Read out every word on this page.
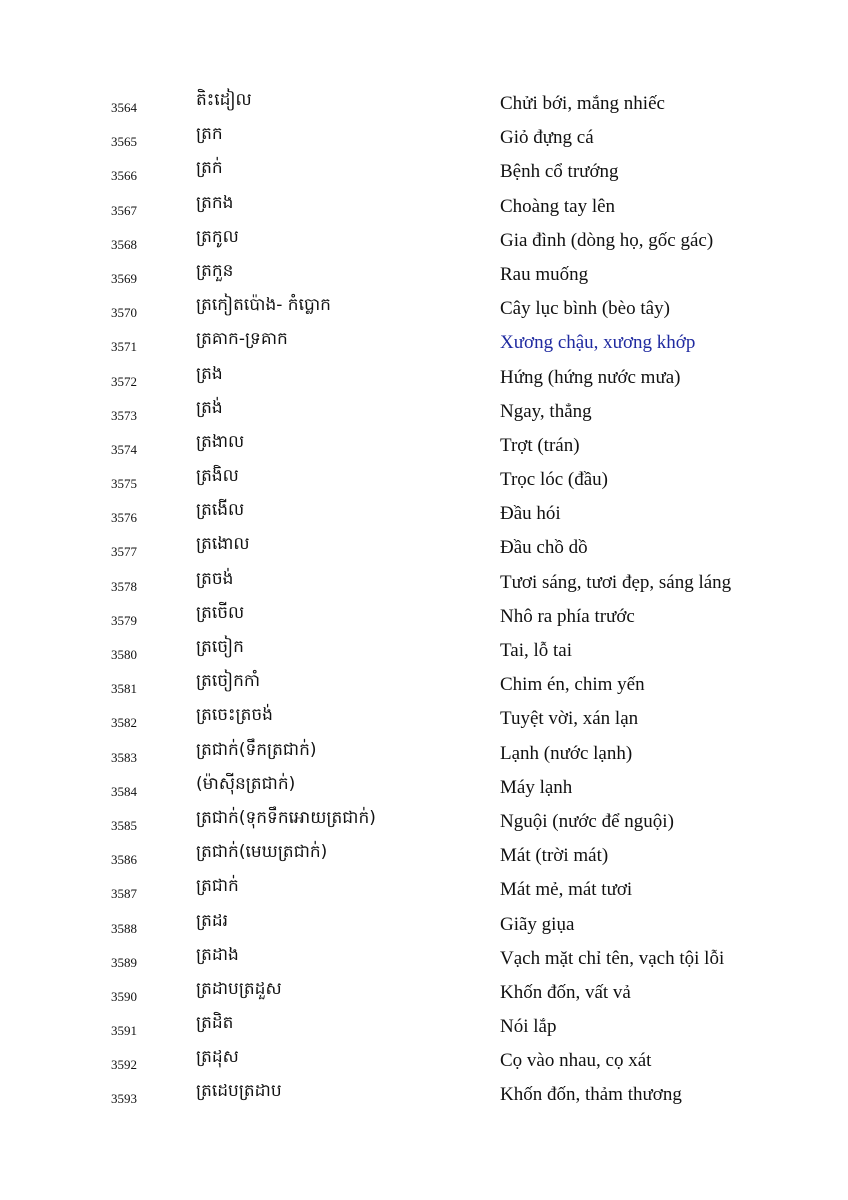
3564	តិះដៀល	Chửi bới, mắng nhiếc
3565	ត្រក	Giỏ đựng cá
3566	ត្រក់	Bệnh cổ trướng
3567	ត្រកង	Choàng tay lên
3568	ត្រកូល	Gia đình (dòng họ, gốc gác)
3569	ត្រកួន	Rau muống
3570	ត្រកៀតប៉ោង- កំប្លោក	Cây lục bình (bèo tây)
3571	ត្រគាក-ទ្រគាក	Xương chậu, xương khớp
3572	ត្រង	Hứng (hứng nước mưa)
3573	ត្រង់	Ngay, thẳng
3574	ត្រងាល	Trợt (trán)
3575	ត្រងិល	Trọc lóc (đầu)
3576	ត្រងើល	Đầu hói
3577	ត្រងោល	Đầu chồ dồ
3578	ត្រចង់	Tươi sáng, tươi đẹp, sáng láng
3579	ត្រចើល	Nhô ra phía trước
3580	ត្រចៀក	Tai, lỗ tai
3581	ត្រចៀកកាំ	Chim én, chim yến
3582	ត្រចេះត្រចង់	Tuyệt vời, xán lạn
3583	ត្រជាក់(ទឹកត្រជាក់)	Lạnh (nước lạnh)
3584	(ម៉ាស៊ីនត្រជាក់)	Máy lạnh
3585	ត្រជាក់(ទុកទឹកអោយត្រជាក់)	Nguội (nước để nguội)
3586	ត្រជាក់(មេឃត្រជាក់)	Mát (trời mát)
3587	ត្រជាក់	Mát mẻ, mát tươi
3588	ត្រដរ	Giãy giụa
3589	ត្រដាង	Vạch mặt chỉ tên, vạch tội lỗi
3590	ត្រដាបត្រដួស	Khốn đốn, vất vả
3591	ត្រដិត	Nói lắp
3592	ត្រដុស	Cọ vào nhau, cọ xát
3593	ត្រដេបត្រដាប	Khốn đốn, thảm thương
